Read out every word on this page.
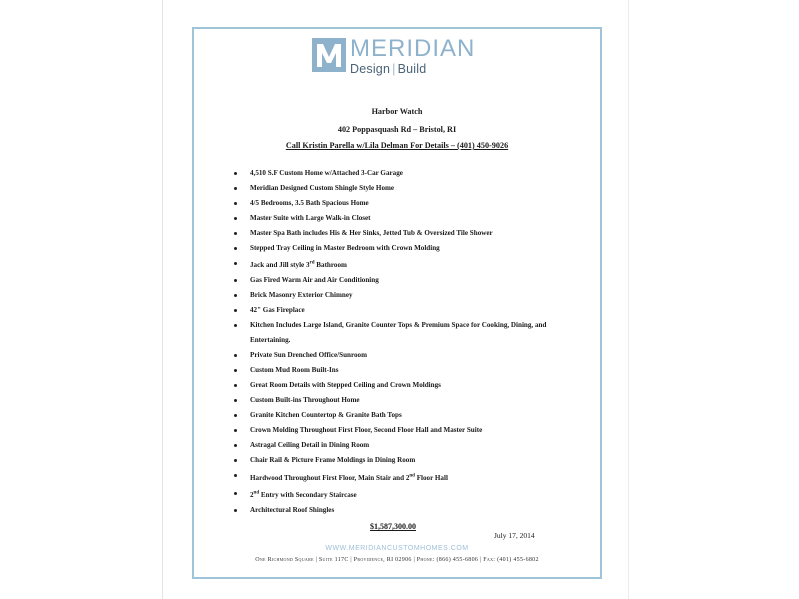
MERIDIAN
Design | Build
Harbor Watch
402 Poppasquash Rd – Bristol, RI
Call Kristin Parella w/Lila Delman For Details – (401) 450-9026
4,510 S.F Custom Home w/Attached 3-Car Garage
Meridian Designed Custom Shingle Style Home
4/5 Bedrooms, 3.5 Bath Spacious Home
Master Suite with Large Walk-in Closet
Master Spa Bath includes His & Her Sinks, Jetted Tub & Oversized Tile Shower
Stepped Tray Ceiling in Master Bedroom with Crown Molding
Jack and Jill style 3rd Bathroom
Gas Fired Warm Air and Air Conditioning
Brick Masonry Exterior Chimney
42" Gas Fireplace
Kitchen Includes Large Island, Granite Counter Tops & Premium Space for Cooking, Dining, and Entertaining.
Private Sun Drenched Office/Sunroom
Custom Mud Room Built-Ins
Great Room Details with Stepped Ceiling and Crown Moldings
Custom Built-ins Throughout Home
Granite Kitchen Countertop & Granite Bath Tops
Crown Molding Throughout First Floor, Second Floor Hall and Master Suite
Astragal Ceiling Detail in Dining Room
Chair Rail & Picture Frame Moldings in Dining Room
Hardwood Throughout First Floor, Main Stair and 2nd Floor Hall
2nd Entry with Secondary Staircase
Architectural Roof Shingles
$1,587,300.00
July 17, 2014
WWW.MERIDIANCUSTOMHOMES.COM
One Richmond Square | Suite 117C | Providence, RI 02906 | Phone: (866) 455-6806 | Fax: (401) 455-6802
